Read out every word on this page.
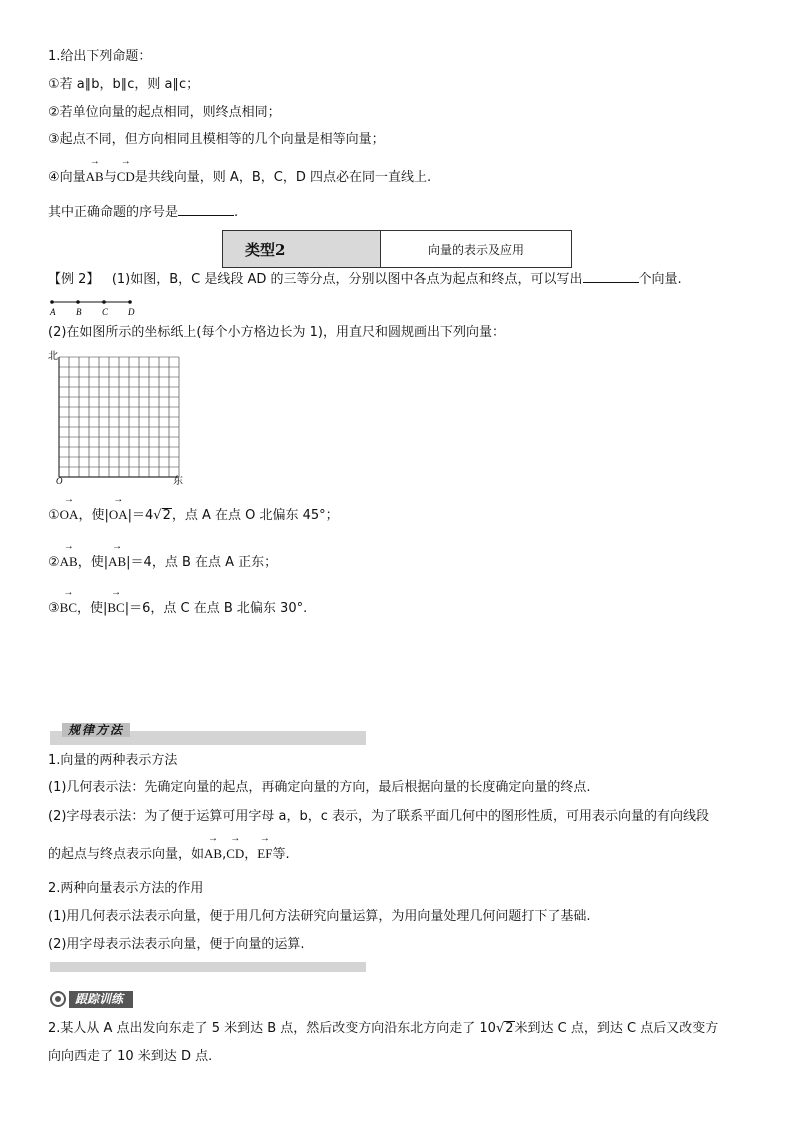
1.给出下列命题：
①若 a∥b，b∥c，则 a∥c；
②若单位向量的起点相同，则终点相同；
③起点不同，但方向相同且模相等的几个向量是相等向量；
④向量→ AB与→ CD是共线向量，则 A，B，C，D 四点必在同一直线上.
其中正确命题的序号是	.
类型2	向量的表示及应用
【例 2】 (1)如图，B，C 是线段 AD 的三等分点，分别以图中各点为起点和终点，可以写出	个向量.
A B C D
(2)在如图所示的坐标纸上(每个小方格边长为 1)，用直尺和圆规画出下列向量：
北
东
O
①→ OA，使|→ OA|＝4√2，点 A 在点 O 北偏东 45°；
②→ AB，使|→ AB|＝4，点 B 在点 A 正东；
③→ BC，使|→ BC|＝6，点 C 在点 B 北偏东 30°.
规律方法
1.向量的两种表示方法
(1)几何表示法：先确定向量的起点，再确定向量的方向，最后根据向量的长度确定向量的终点.
(2)字母表示法：为了便于运算可用字母 a，b，c 表示，为了联系平面几何中的图形性质，可用表示向量的有向线段
的起点与终点表示向量，如→ AB,→ CD，→ EF等.
2.两种向量表示方法的作用
(1)用几何表示法表示向量，便于用几何方法研究向量运算，为用向量处理几何问题打下了基础.
(2)用字母表示法表示向量，便于向量的运算.
跟踪训练
2.某人从 A 点出发向东走了 5 米到达 B 点，然后改变方向沿东北方向走了 10√2米到达 C 点，到达 C 点后又改变方
向向西走了 10 米到达 D 点.
